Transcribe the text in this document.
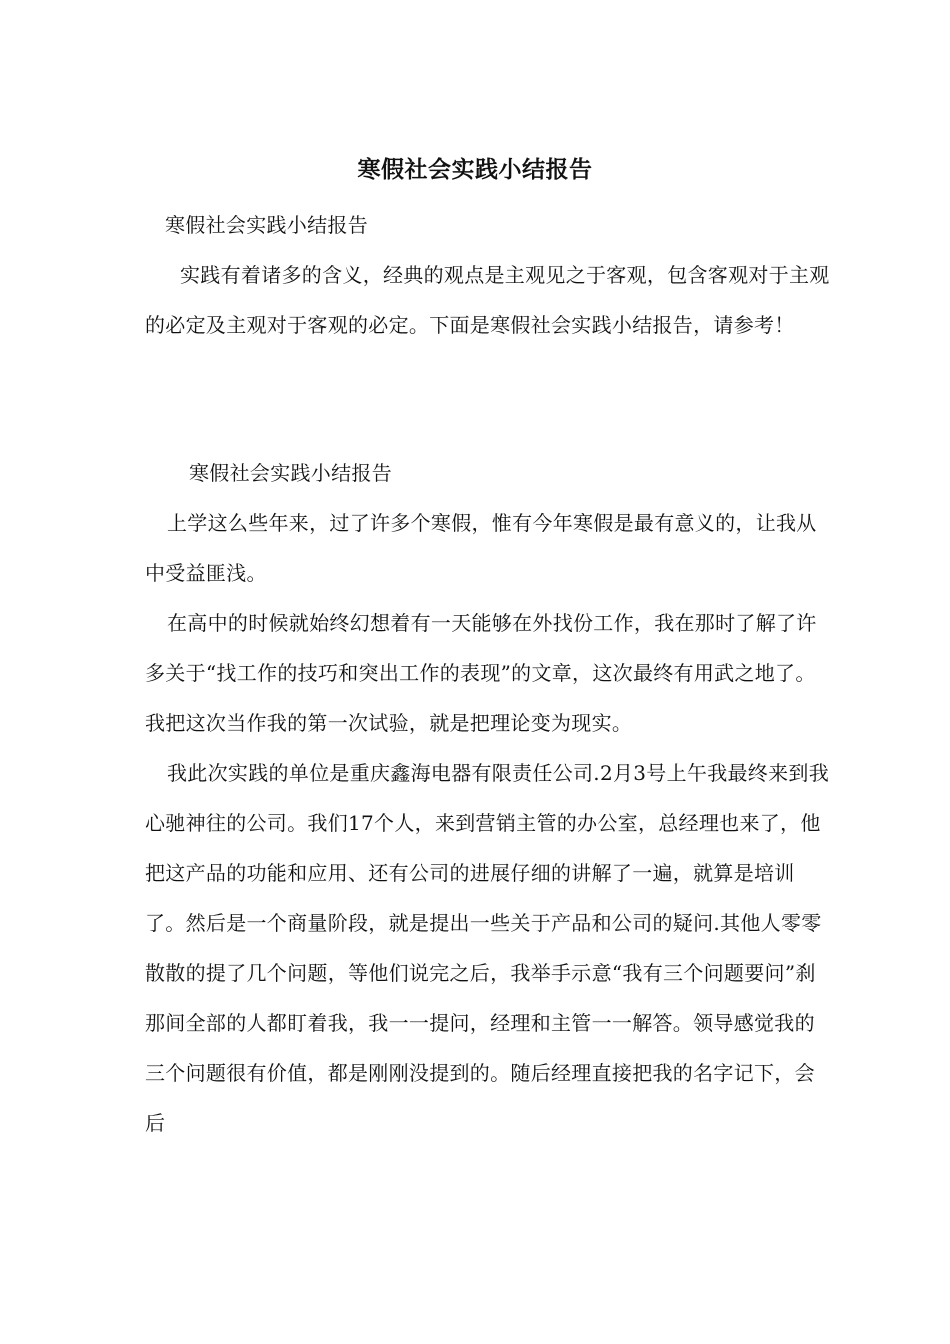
寒假社会实践小结报告
寒假社会实践小结报告
实践有着诸多的含义，经典的观点是主观见之于客观，包含客观对于主观的必定及主观对于客观的必定。下面是寒假社会实践小结报告，请参考！
寒假社会实践小结报告

上学这么些年来，过了许多个寒假，惟有今年寒假是最有意义的，让我从中受益匪浅。

在高中的时候就始终幻想着有一天能够在外找份工作，我在那时了解了许多关于“找工作的技巧和突出工作的表现”的文章，这次最终有用武之地了。我把这次当作我的第一次试验，就是把理论变为现实。

我此次实践的单位是重庆鑫海电器有限责任公司.2月3号上午我最终来到我心驰神往的公司。我们17个人，来到营销主管的办公室，总经理也来了，他把这产品的功能和应用、还有公司的进展仔细的讲解了一遍，就算是培训了。然后是一个商量阶段，就是提出一些关于产品和公司的疑问.其他人零零散散的提了几个问题，等他们说完之后，我举手示意“我有三个问题要问”刹那间全部的人都盯着我，我一一提问，经理和主管一一解答。领导感觉我的三个问题很有价值，都是刚刚没提到的。随后经理直接把我的名字记下，会后
